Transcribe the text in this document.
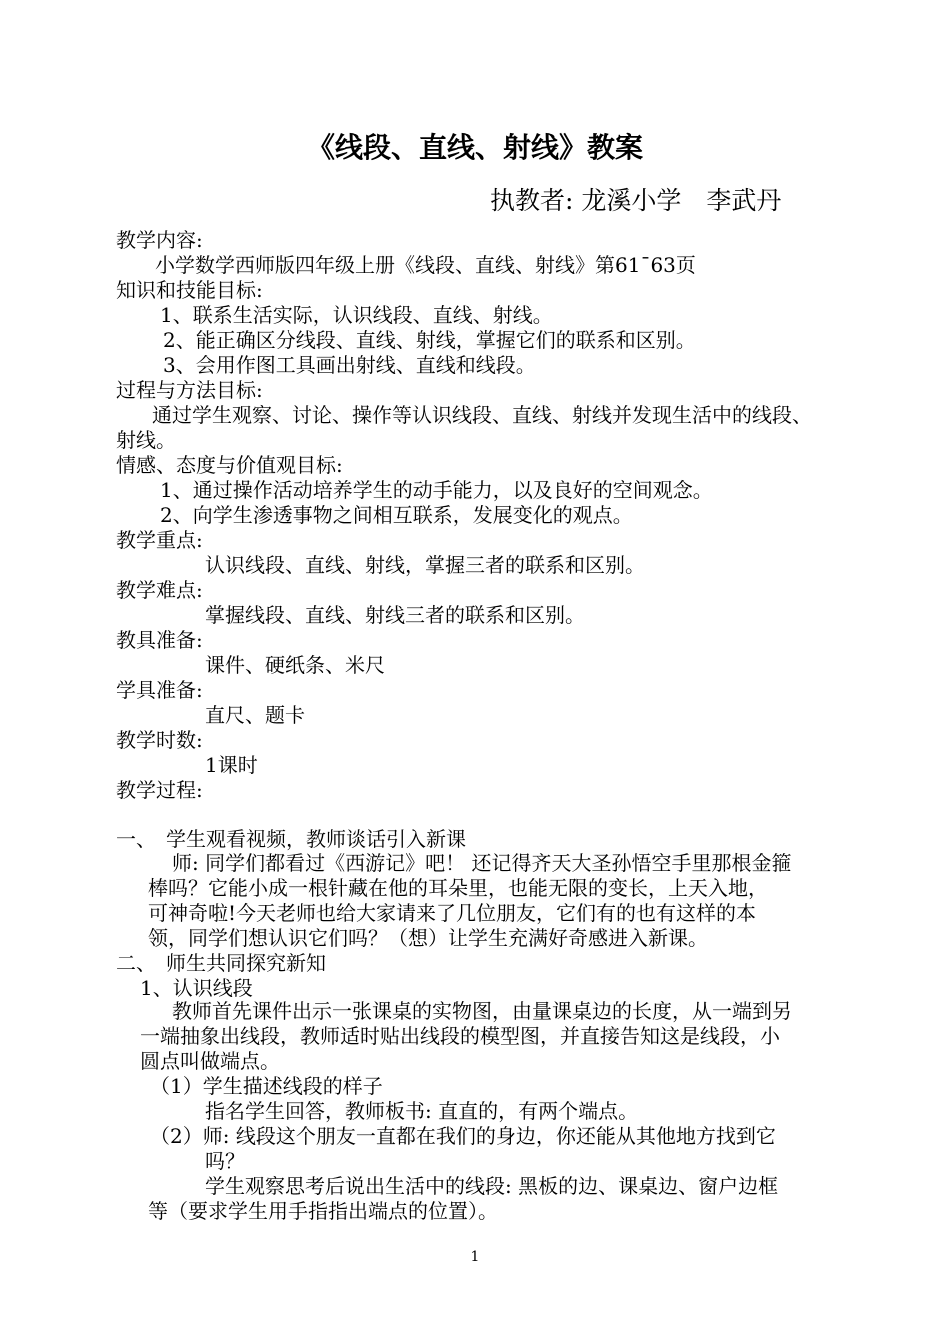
《线段、直线、射线》教案
执教者: 龙溪小学　李武丹
教学内容:
小学数学西师版四年级上册《线段、直线、射线》第61¯63页
知识和技能目标:
1、联系生活实际，认识线段、直线、射线。
2、能正确区分线段、直线、射线，掌握它们的联系和区别。
3、会用作图工具画出射线、直线和线段。
过程与方法目标:
通过学生观察、讨论、操作等认识线段、直线、射线并发现生活中的线段、
射线。
情感、态度与价值观目标:
1、通过操作活动培养学生的动手能力，以及良好的空间观念。
2、向学生渗透事物之间相互联系，发展变化的观点。
教学重点:
认识线段、直线、射线，掌握三者的联系和区别。
教学难点:
掌握线段、直线、射线三者的联系和区别。
教具准备:
课件、硬纸条、米尺
学具准备:
直尺、题卡
教学时数:
1课时
教学过程:
一、　学生观看视频，教师谈话引入新课
师: 同学们都看过《西游记》吧！ 还记得齐天大圣孙悟空手里那根金箍
棒吗？它能小成一根针藏在他的耳朵里，也能无限的变长，上天入地，
可神奇啦!今天老师也给大家请来了几位朋友，它们有的也有这样的本
领，同学们想认识它们吗？（想）让学生充满好奇感进入新课。
二、　师生共同探究新知
1、认识线段
教师首先课件出示一张课桌的实物图，由量课桌边的长度，从一端到另
一端抽象出线段，教师适时贴出线段的模型图，并直接告知这是线段，小
圆点叫做端点。
（1）学生描述线段的样子
指名学生回答，教师板书: 直直的，有两个端点。
（2）师: 线段这个朋友一直都在我们的身边，你还能从其他地方找到它
吗？
学生观察思考后说出生活中的线段: 黑板的边、课桌边、窗户边框
等（要求学生用手指指出端点的位置）。
1
